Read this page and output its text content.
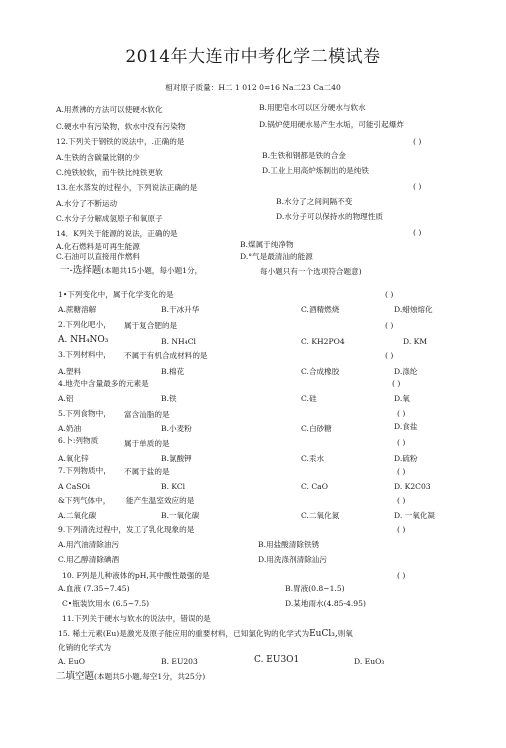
2014年大连市中考化学二模试卷
相对原子质量：H二 1 012 0=16 Na二23 Ca二40
A.用煮沸的方法可以使硬水软化	B.用肥皂水可以区分硬水与软水
C.硬水中有污染物，软水中没有污染物	D.锅炉使用硬水易产生水垢，可能引起爆炸
12.下列关于钢铁的说法中，.正确的是	( )
A.生铁的含碳量比钢的少	B.生铁和钢都是铁的合金
C.纯铁较软，而牛铁比纯铁更软	D.工业上用高炉炼制出的是纯铁
13.在水蒸发的过程小，下列说法正确的是	( )
A.水分了不断运动	B.水分了之间间隔不变
C.水分子分解成氢原子和氧原子	D.水分子可以保持水的物理性质
14．K列关于能源的说法，正确的是	( )
A.化石燃料是可再生能源	B.煤属于纯净物
C.石油可以直接用作燃料	D.°气是最清汕的能源
一-选择题(本题共15小题，每小题1分，	每小题只有一个选项符合题意)
1•下列变化中，属于化学变化的是	( )
A.蔗糖溶解	B.干冰升华	C.酒精燃烧	D.蜡烛熔化
2.下列化吧小， 属于复合肥的是	( )
A. NH₄NO₃	B. NH₄Cl	C. KH2PO4	D. KM
3.下列材料中， 不属于有机合成材料的是	( )
A.塑料	B.棉花	C.合成橡胶	D.涤纶
4.地壳中含量最多的元素是	( )
A.铝	B.铁	C.硅	D.氧
5.下列食物中， 富含汕脂的是	( )
A.奶油	B.小麦粉	C.白砂糖	D.食盐
6.卜:列物质	属于单质的是	( )
A.氧化锌	B.氯酸钾	C.汞水	D.硫粉
7.下列物质中， 不属于盐的是	( )
A CaSOi	B. KCl	C. CaO	D. K2C03
&下列气体中， 能产生温室效应的是	( )
A.二氧化碳	B.一氧化碳	C.二氧化氮	D. 一氧化凝
9.下列清洗过程中，发工了乳化现象的是	( )
A.用汽油清除油污	B.用盐酸清除铁锈
C.用乙醇清除碘酒	D.用洗涤剂清除汕污
10. F列是儿种液体的pH,其中酸性最强的是	( )
A.血液 (7.35~7.45)	B.胃液(0.8~1.5)
C•瓶装饮用水 (6.5~7.5)	D.某地雨水(4.85-4.95)
11.下列关于硬水与软水的说法中，错误的是
15. 稀土元素(Eu)是激光及原子能应用的重要材料，已知氯化钩的化学式为EuCl₃,则氧
化销的化学式为
A. EuO	B. EU203	C. EU3O1	D. EuO₃
二填空题(本题共5小题,每空1分，共25分)
